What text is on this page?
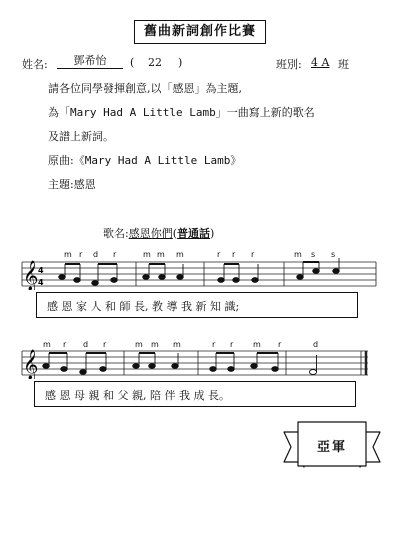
舊曲新詞創作比賽
姓名:	鄧希怡	( 22 )	班別: 4 A 班
請各位同學發揮創意,以「感恩」為主題,
為「Mary Had A Little Lamb」一曲寫上新的歌名
及譜上新詞。
原曲:《Mary Had A Little Lamb》
主題:感恩
歌名:感恩你們(普通話)
m r d r	m m m	r r r	m s s
𝄞 4
4
感 恩 家 人 和 師 長, 教 導 我 新 知 識;
m r d r	m m m	r r m r	d
𝄞
感 恩 母 親 和 父 親, 陪 伴 我 成 長。
亞軍
